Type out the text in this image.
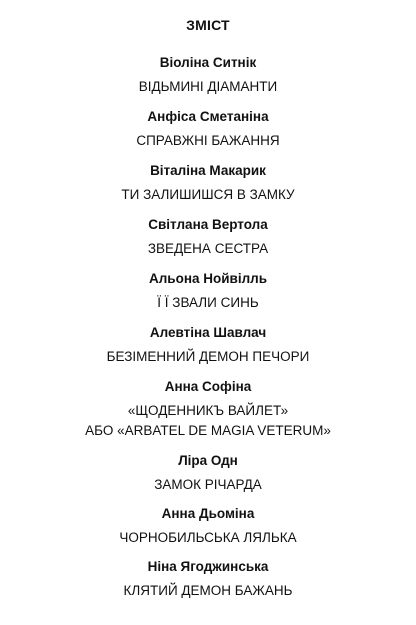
ЗМІСТ
Віоліна Ситнік
ВІДЬМИНІ ДІАМАНТИ
Анфіса Сметаніна
СПРАВЖНІ БАЖАННЯ
Віталіна Макарик
ТИ ЗАЛИШИШСЯ В ЗАМКУ
Світлана Вертола
ЗВЕДЕНА СЕСТРА
Альона Нойвілль
Ї Ї ЗВАЛИ СИНЬ
Алевтіна Шавлач
БЕЗІМЕННИЙ ДЕМОН ПЕЧОРИ
Анна Софіна
«ЩОДЕННИКЪ ВАЙЛЕТ»
АБО «ARBATEL DE MAGIA VETERUM»
Ліра Одн
ЗАМОК РІЧАРДА
Анна Дьоміна
ЧОРНОБИЛЬСЬКА ЛЯЛЬКА
Ніна Ягоджинська
КЛЯТИЙ ДЕМОН БАЖАНЬ
